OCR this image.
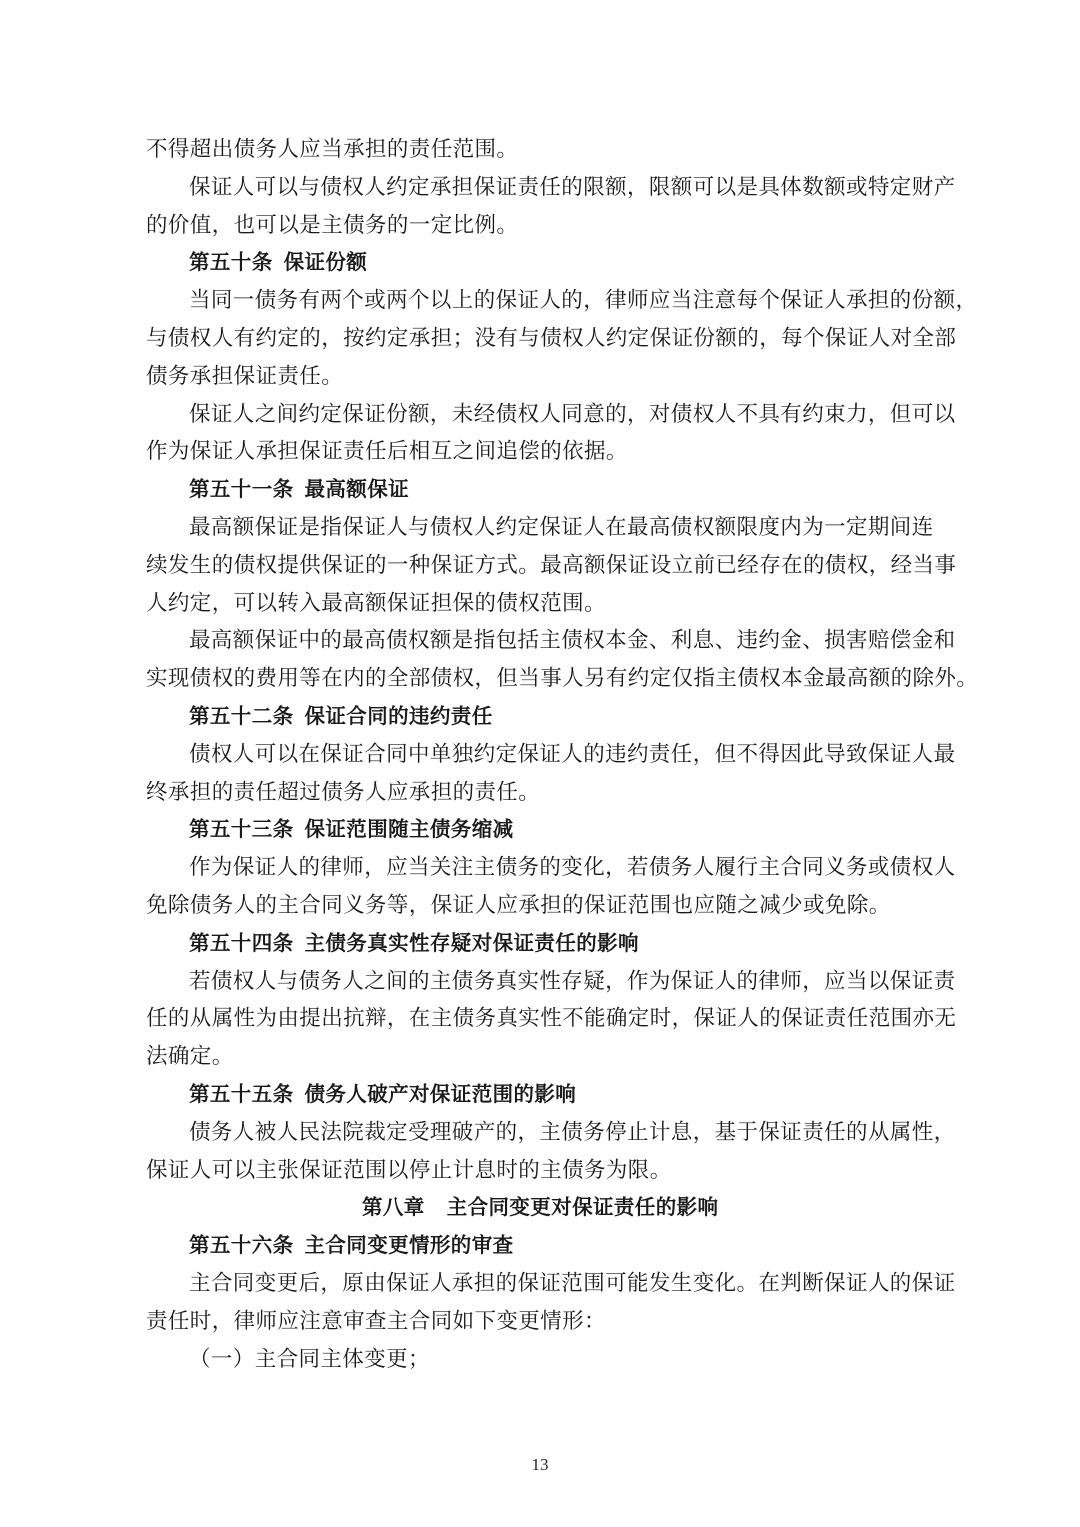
不得超出债务人应当承担的责任范围。
保证人可以与债权人约定承担保证责任的限额，限额可以是具体数额或特定财产
的价值，也可以是主债务的一定比例。
第五十条 保证份额
当同一债务有两个或两个以上的保证人的，律师应当注意每个保证人承担的份额，
与债权人有约定的，按约定承担；没有与债权人约定保证份额的，每个保证人对全部
债务承担保证责任。
保证人之间约定保证份额，未经债权人同意的，对债权人不具有约束力，但可以
作为保证人承担保证责任后相互之间追偿的依据。
第五十一条 最高额保证
最高额保证是指保证人与债权人约定保证人在最高债权额限度内为一定期间连
续发生的债权提供保证的一种保证方式。最高额保证设立前已经存在的债权，经当事
人约定，可以转入最高额保证担保的债权范围。
最高额保证中的最高债权额是指包括主债权本金、利息、违约金、损害赔偿金和
实现债权的费用等在内的全部债权，但当事人另有约定仅指主债权本金最高额的除外。
第五十二条 保证合同的违约责任
债权人可以在保证合同中单独约定保证人的违约责任，但不得因此导致保证人最
终承担的责任超过债务人应承担的责任。
第五十三条 保证范围随主债务缩减
作为保证人的律师，应当关注主债务的变化，若债务人履行主合同义务或债权人
免除债务人的主合同义务等，保证人应承担的保证范围也应随之减少或免除。
第五十四条 主债务真实性存疑对保证责任的影响
若债权人与债务人之间的主债务真实性存疑，作为保证人的律师，应当以保证责
任的从属性为由提出抗辩，在主债务真实性不能确定时，保证人的保证责任范围亦无
法确定。
第五十五条 债务人破产对保证范围的影响
债务人被人民法院裁定受理破产的，主债务停止计息，基于保证责任的从属性，
保证人可以主张保证范围以停止计息时的主债务为限。
第八章 主合同变更对保证责任的影响
第五十六条 主合同变更情形的审查
主合同变更后，原由保证人承担的保证范围可能发生变化。在判断保证人的保证
责任时，律师应注意审查主合同如下变更情形：
（一）主合同主体变更；
13
